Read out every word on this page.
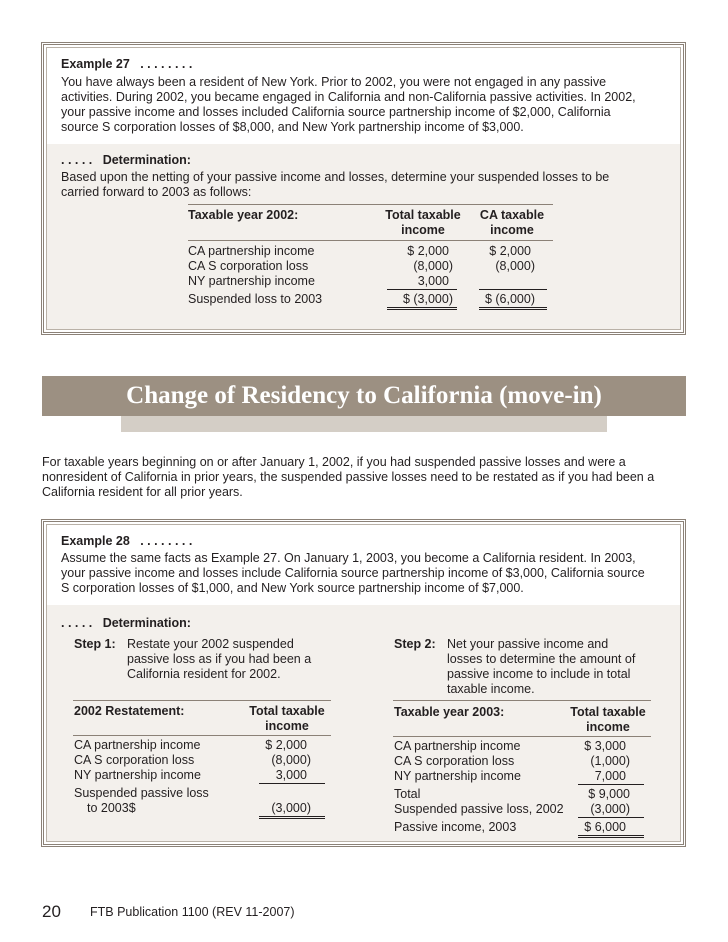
Example 27 . . . . . . . .
You have always been a resident of New York. Prior to 2002, you were not engaged in any passive
activities. During 2002, you became engaged in California and non-California passive activities. In 2002,
your passive income and losses included California source partnership income of $2,000, California
source S corporation losses of $8,000, and New York partnership income of $3,000.
. . . . . Determination:
Based upon the netting of your passive income and losses, determine your suspended losses to be
carried forward to 2003 as follows:
Taxable year 2002:	Total taxable
income
CA taxable
income
CA partnership income	$ 2,000	$ 2,000
CA S corporation loss	(8,000)	(8,000)
NY partnership income	3,000
Suspended loss to 2003	$ (3,000)	$ (6,000)
Change of Residency to California (move-in)
For taxable years beginning on or after January 1, 2002, if you had suspended passive losses and were a
nonresident of California in prior years, the suspended passive losses need to be restated as if you had been a
California resident for all prior years.
Example 28 . . . . . . . .
Assume the same facts as Example 27. On January 1, 2003, you become a California resident. In 2003,
your passive income and losses include California source partnership income of $3,000, California source
S corporation losses of $1,000, and New York source partnership income of $7,000.
. . . . . Determination:
Step 1: Restate your 2002 suspended
passive loss as if you had been a
California resident for 2002.
Step 2: Net your passive income and
losses to determine the amount of
passive income to include in total
taxable income.
2002 Restatement:	Total taxable
income
CA partnership income	$ 2,000
CA S corporation loss	(8,000)
NY partnership income	3,000
Suspended passive loss
to 2003$	(3,000)
Taxable year 2003:	Total taxable
income
CA partnership income	$ 3,000
CA S corporation loss	(1,000)
NY partnership income	7,000
Total	$ 9,000
Suspended passive loss, 2002	(3,000)
Passive income, 2003	$ 6,000
20 FTB Publication 1100 (REV 11-2007)
